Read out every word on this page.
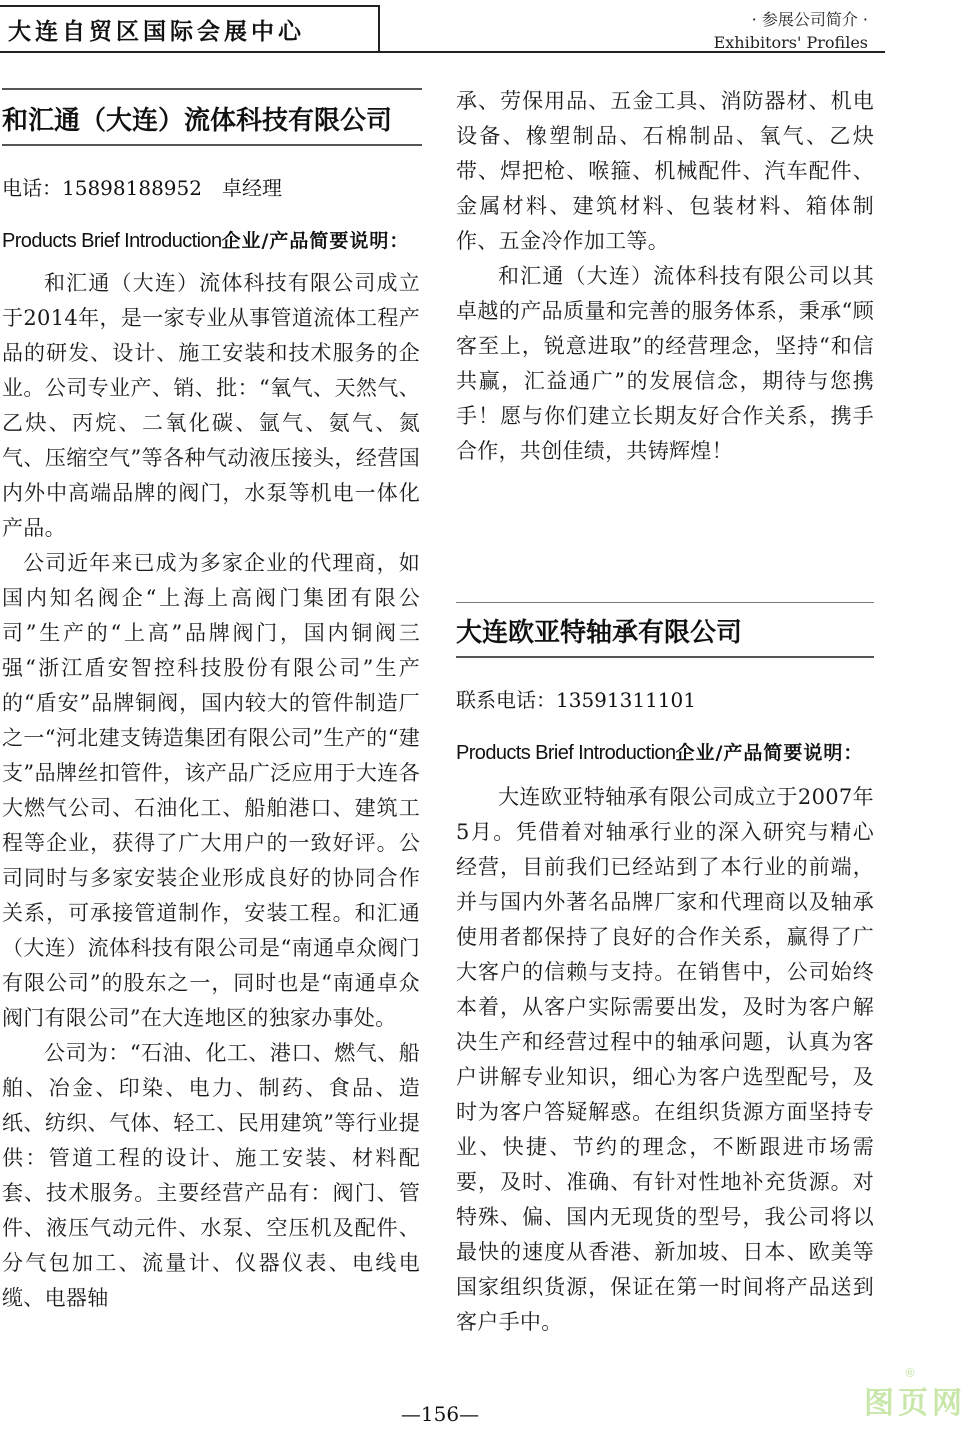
大连自贸区国际会展中心	· 参展公司简介 ·
Exhibitors' Profiles
和汇通（大连）流体科技有限公司

电话：15898188952　卓经理

Products Brief Introduction企业/产品简要说明：

和汇通（大连）流体科技有限公司成立于2014年，是一家专业从事管道流体工程产品的研发、设计、施工安装和技术服务的企业。公司专业产、销、批：“氧气、天然气、乙炔、丙烷、二氧化碳、氩气、氨气、氮气、压缩空气”等各种气动液压接头，经营国内外中高端品牌的阀门，水泵等机电一体化产品。

公司近年来已成为多家企业的代理商，如国内知名阀企“上海上高阀门集团有限公司”生产的“上高”品牌阀门，国内铜阀三强“浙江盾安智控科技股份有限公司”生产的“盾安”品牌铜阀，国内较大的管件制造厂之一“河北建支铸造集团有限公司”生产的“建支”品牌丝扣管件，该产品广泛应用于大连各大燃气公司、石油化工、船舶港口、建筑工程等企业，获得了广大用户的一致好评。公司同时与多家安装企业形成良好的协同合作关系，可承接管道制作，安装工程。和汇通（大连）流体科技有限公司是“南通卓众阀门有限公司”的股东之一，同时也是“南通卓众阀门有限公司”在大连地区的独家办事处。

公司为：“石油、化工、港口、燃气、船舶、冶金、印染、电力、制药、食品、造纸、纺织、气体、轻工、民用建筑”等行业提供：管道工程的设计、施工安装、材料配套、技术服务。主要经营产品有：阀门、管件、液压气动元件、水泵、空压机及配件、分气包加工、流量计、仪器仪表、电线电缆、电器轴

承、劳保用品、五金工具、消防器材、机电设备、橡塑制品、石棉制品、氧气、乙炔带、焊把枪、喉箍、机械配件、汽车配件、金属材料、建筑材料、包装材料、箱体制作、五金冷作加工等。

和汇通（大连）流体科技有限公司以其卓越的产品质量和完善的服务体系，秉承“顾客至上，锐意进取”的经营理念，坚持“和信共赢，汇益通广”的发展信念，期待与您携手！愿与你们建立长期友好合作关系，携手合作，共创佳绩，共铸辉煌！

大连欧亚特轴承有限公司

联系电话：13591311101

Products Brief Introduction企业/产品简要说明：

大连欧亚特轴承有限公司成立于2007年5月。凭借着对轴承行业的深入研究与精心经营，目前我们已经站到了本行业的前端，并与国内外著名品牌厂家和代理商以及轴承使用者都保持了良好的合作关系，赢得了广大客户的信赖与支持。在销售中，公司始终本着，从客户实际需要出发，及时为客户解决生产和经营过程中的轴承问题，认真为客户讲解专业知识，细心为客户选型配号，及时为客户答疑解惑。在组织货源方面坚持专业、快捷、节约的理念，不断跟进市场需要，及时、准确、有针对性地补充货源。对特殊、偏、国内无现货的型号，我公司将以最快的速度从香港、新加坡、日本、欧美等国家组织货源，保证在第一时间将产品送到客户手中。

—156—	图页网
®
